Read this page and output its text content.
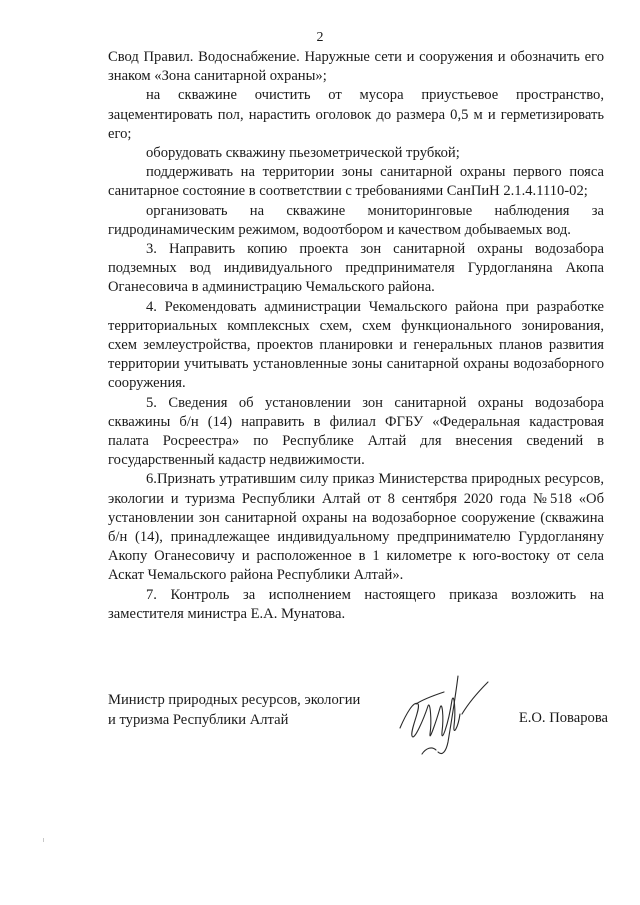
2

Свод Правил. Водоснабжение. Наружные сети и сооружения и обозначить его знаком «Зона санитарной охраны»;

на скважине очистить от мусора приустьевое пространство, зацементировать пол, нарастить оголовок до размера 0,5 м и герметизировать его;

оборудовать скважину пьезометрической трубкой;

поддерживать на территории зоны санитарной охраны первого пояса санитарное состояние в соответствии с требованиями СанПиН 2.1.4.1110-02;

организовать на скважине мониторинговые наблюдения за гидродинамическим режимом, водоотбором и качеством добываемых вод.

3. Направить копию проекта зон санитарной охраны водозабора подземных вод индивидуального предпринимателя Гурдогланяна Акопа Оганесовича в администрацию Чемальского района.

4. Рекомендовать администрации Чемальского района при разработке территориальных комплексных схем, схем функционального зонирования, схем землеустройства, проектов планировки и генеральных планов развития территории учитывать установленные зоны санитарной охраны водозаборного сооружения.

5. Сведения об установлении зон санитарной охраны водозабора скважины б/н (14) направить в филиал ФГБУ «Федеральная кадастровая палата Росреестра» по Республике Алтай для внесения сведений в государственный кадастр недвижимости.

6.Признать утратившим силу приказ Министерства природных ресурсов, экологии и туризма Республики Алтай от 8 сентября 2020 года №518 «Об установлении зон санитарной охраны на водозаборное сооружение (скважина б/н (14), принадлежащее индивидуальному предпринимателю Гурдогланяну Акопу Оганесовичу и расположенное в 1 километре к юго-востоку от села Аскат Чемальского района Республики Алтай».

7. Контроль за исполнением настоящего приказа возложить на заместителя министра Е.А. Мунатова.

Министр природных ресурсов, экологии
и туризма Республики Алтай	Е.О. Поварова
